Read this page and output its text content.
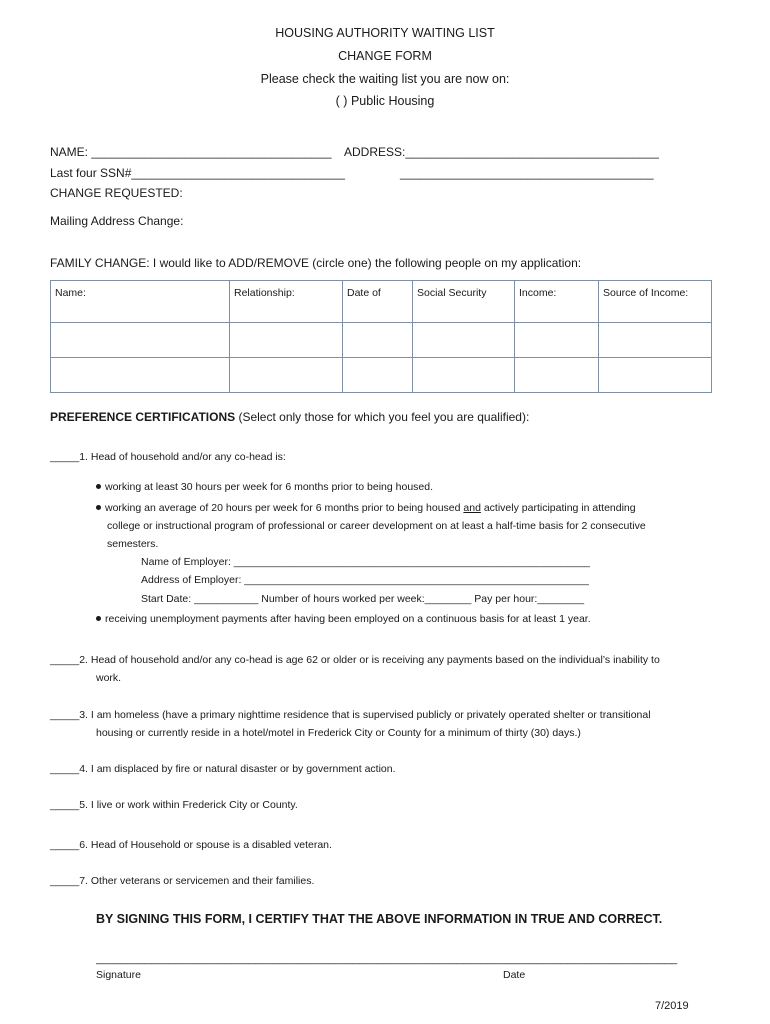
HOUSING AUTHORITY WAITING LIST
CHANGE FORM
Please check the waiting list you are now on:
( ) Public Housing
NAME: ____________________________________ ADDRESS:______________________________________
Last four SSN#________________________________	______________________________________
CHANGE REQUESTED:
Mailing Address Change:
FAMILY CHANGE: I would like to ADD/REMOVE (circle one) the following people on my application:
Name:	Relationship:	Date of	Social Security	Income:	Source of Income:

PREFERENCE CERTIFICATIONS (Select only those for which you feel you are qualified):
_____1. Head of household and/or any co-head is:
working at least 30 hours per week for 6 months prior to being housed.
working an average of 20 hours per week for 6 months prior to being housed and actively participating in attending
college or instructional program of professional or career development on at least a half-time basis for 2 consecutive
semesters.
Name of Employer: _____________________________________________________________
Address of Employer: ___________________________________________________________
Start Date: ___________ Number of hours worked per week:________ Pay per hour:________
receiving unemployment payments after having been employed on a continuous basis for at least 1 year.
_____2. Head of household and/or any co-head is age 62 or older or is receiving any payments based on the individual’s inability to
work.
_____3. I am homeless (have a primary nighttime residence that is supervised publicly or privately operated shelter or transitional
housing or currently reside in a hotel/motel in Frederick City or County for a minimum of thirty (30) days.)
_____4. I am displaced by fire or natural disaster or by government action.
_____5. I live or work within Frederick City or County.
_____6. Head of Household or spouse is a disabled veteran.
_____7. Other veterans or servicemen and their families.
BY SIGNING THIS FORM, I CERTIFY THAT THE ABOVE INFORMATION IN TRUE AND CORRECT.
_______________________________________________________________________________________________
Signature	Date
7/2019
